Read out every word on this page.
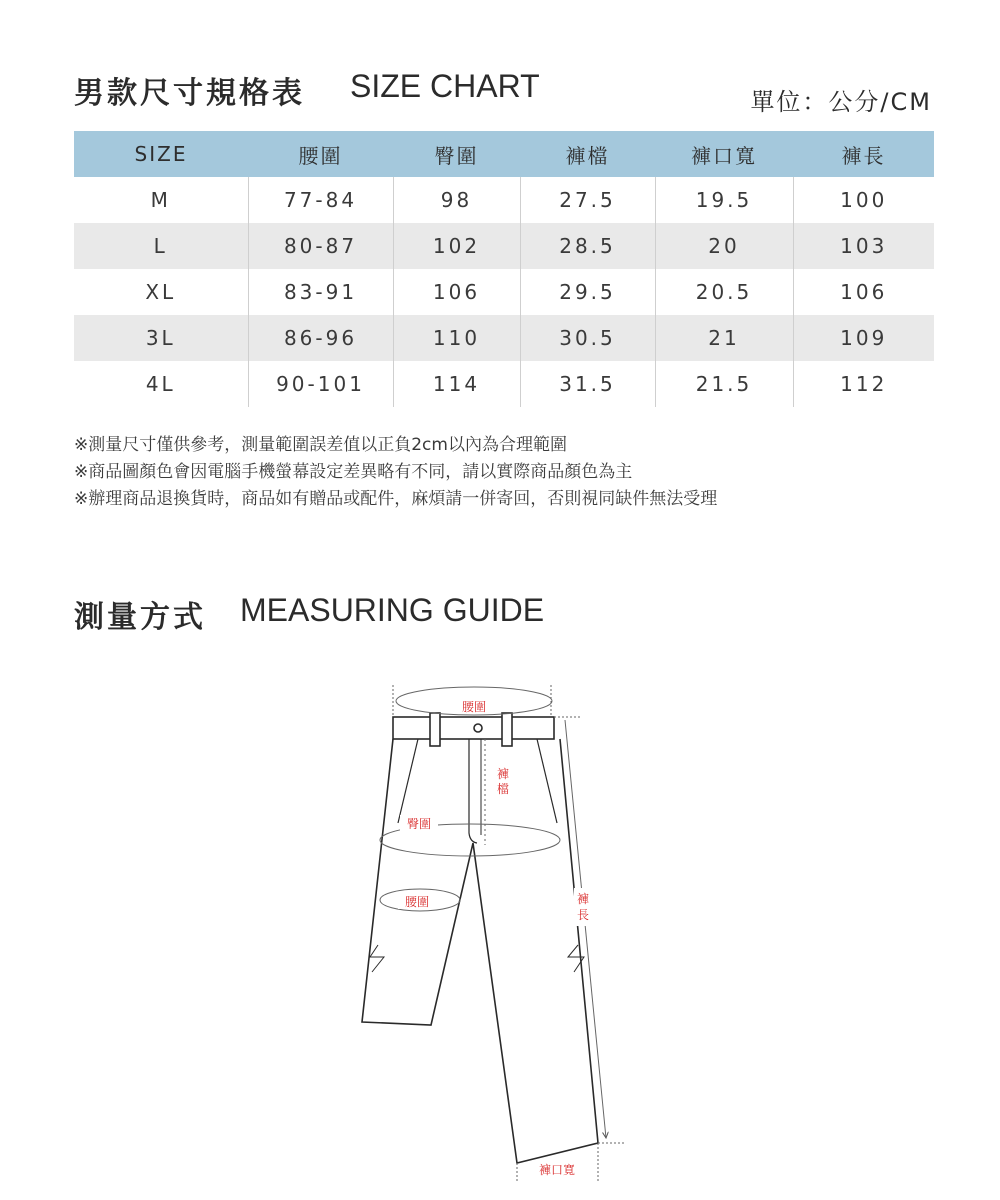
男款尺寸規格表 SIZE CHART	單位：公分/CM
SIZE	腰圍	臀圍	褲檔	褲口寬	褲長
M	77-84	98	27.5	19.5	100
L	80-87	102	28.5	20	103
XL	83-91	106	29.5	20.5	106
3L	86-96	110	30.5	21	109
4L	90-101	114	31.5	21.5	112
※測量尺寸僅供參考，測量範圍誤差值以正負2cm以內為合理範圍
※商品圖顏色會因電腦手機螢幕設定差異略有不同，請以實際商品顏色為主
※辦理商品退換貨時，商品如有贈品或配件，麻煩請一併寄回，否則視同缺件無法受理
測量方式 MEASURING GUIDE
腰圍
褲
檔
臀圍
腰圍	褲
長
褲口寬
